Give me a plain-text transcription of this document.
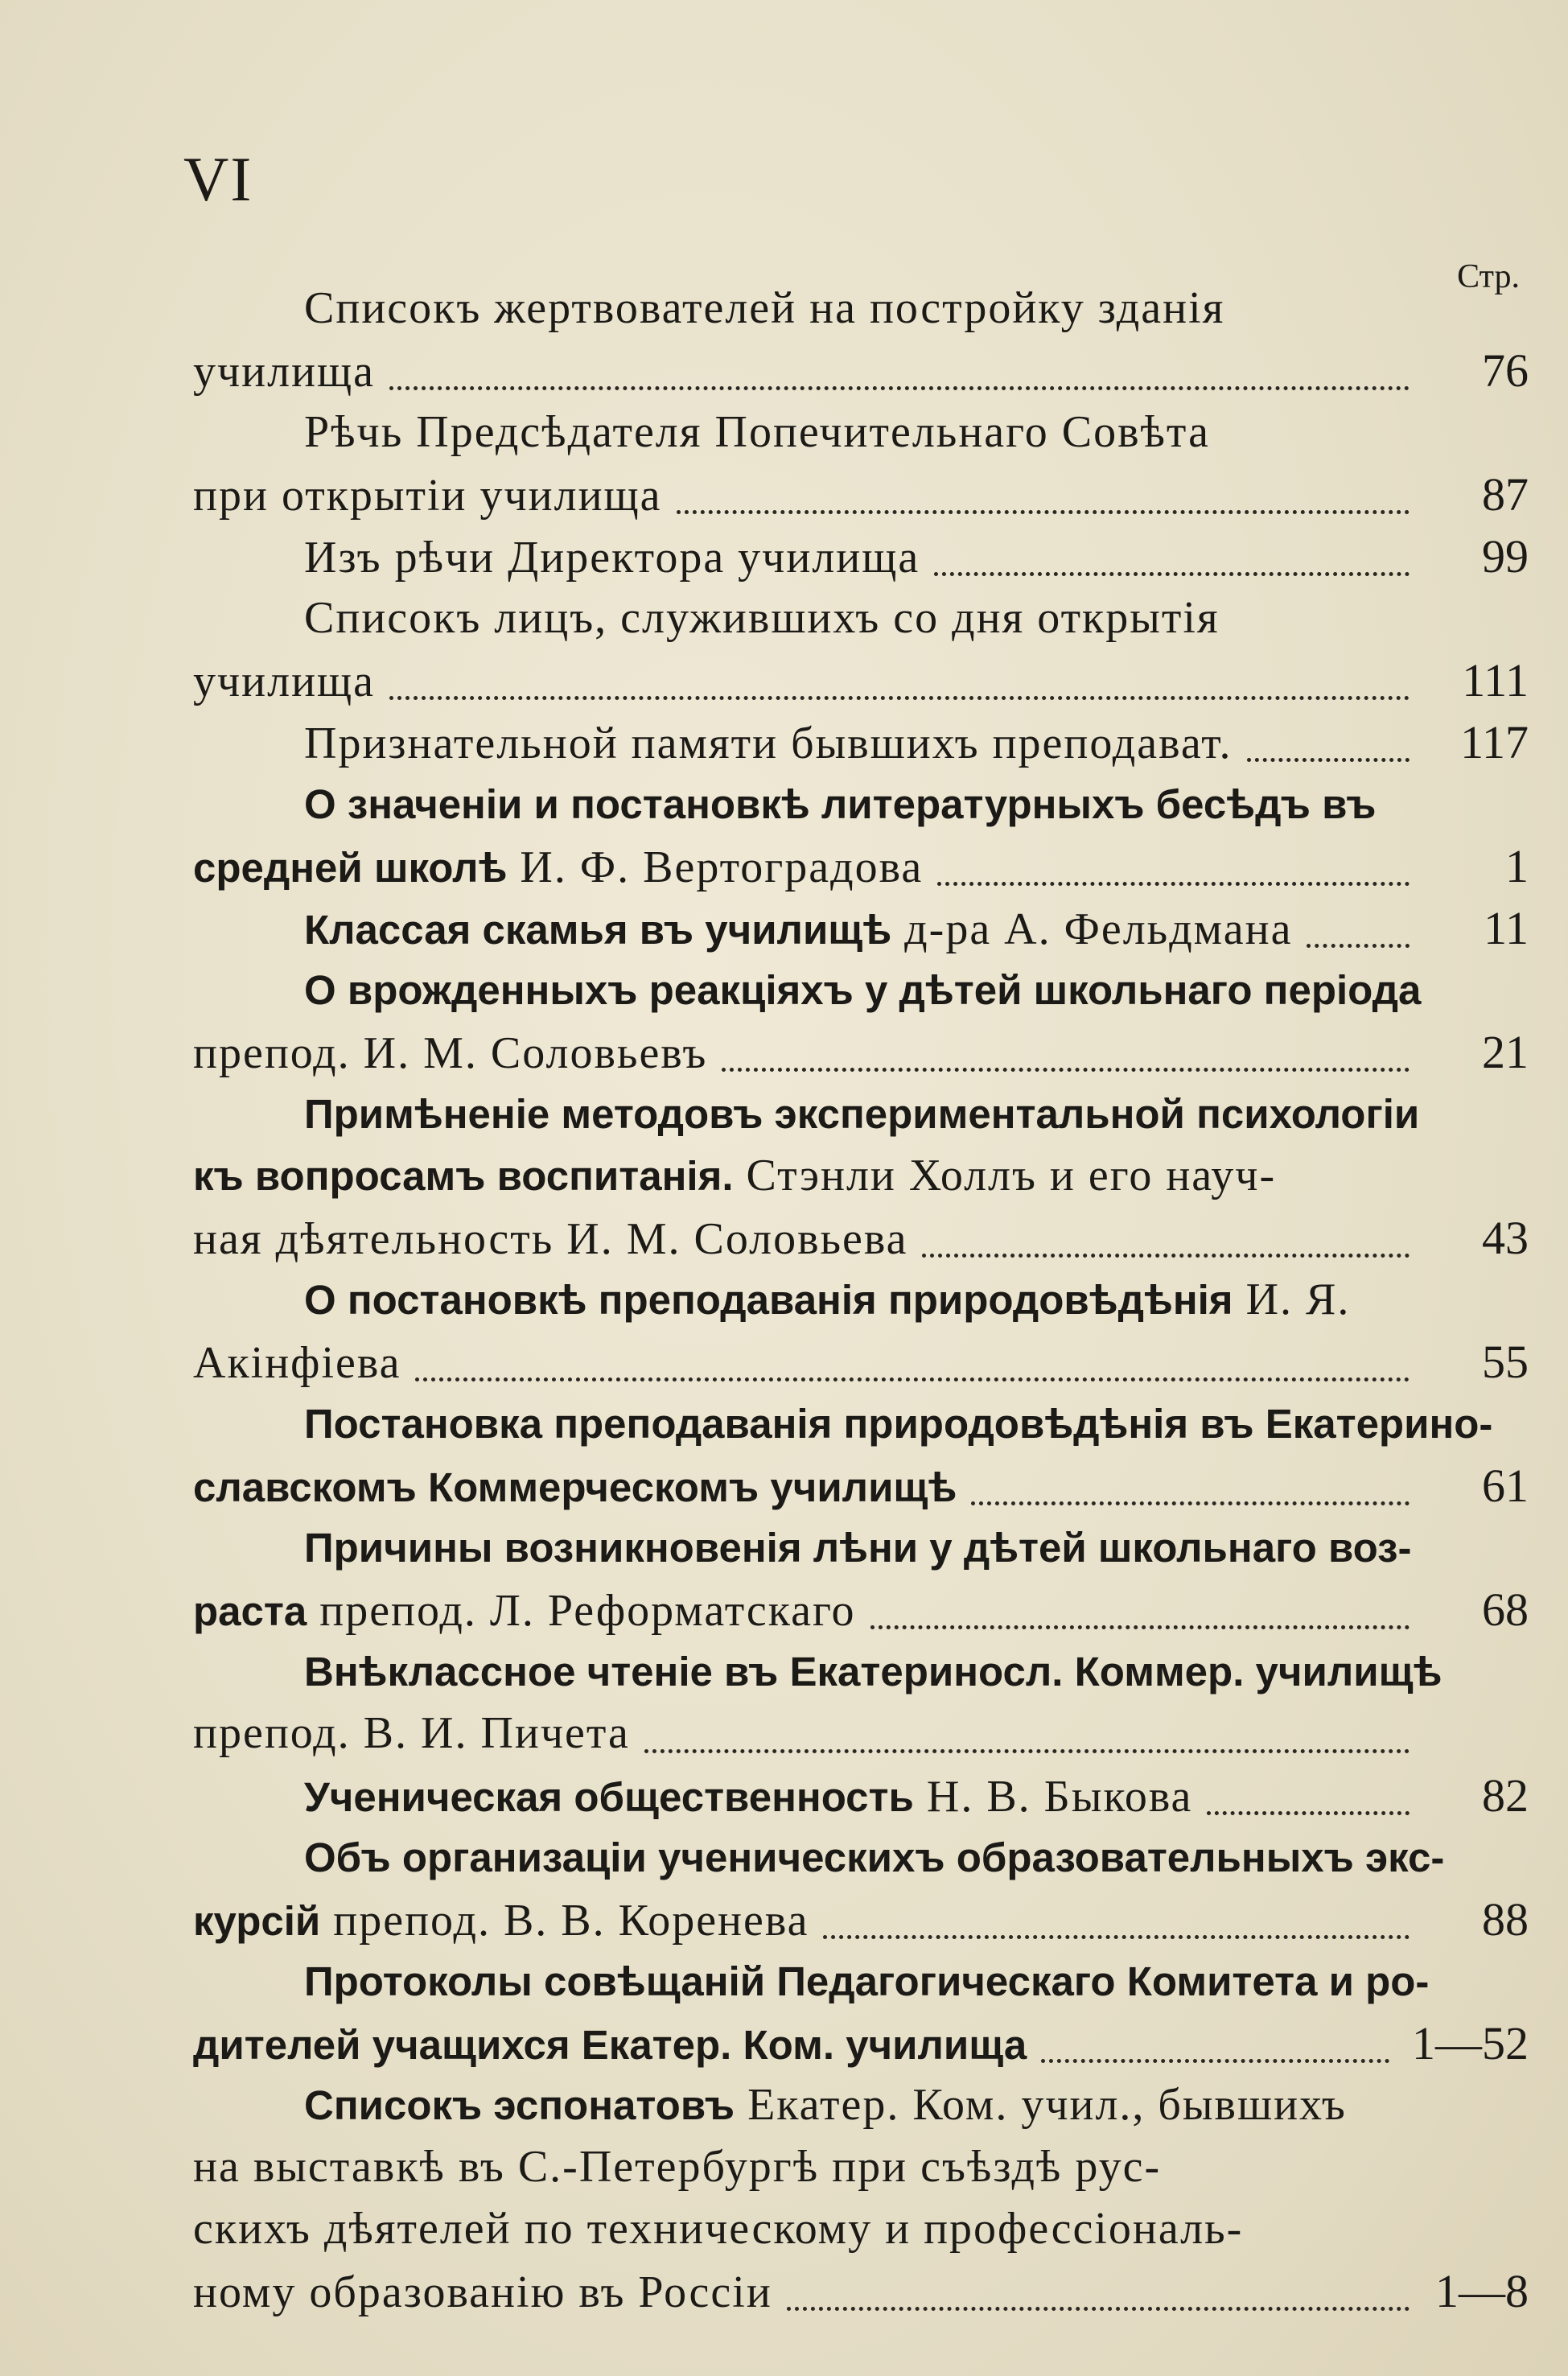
VI
Стр.
Списокъ жертвователей на постройку зданія
училища	76
Рѣчь Предсѣдателя Попечительнаго Совѣта
при открытіи училища	87
Изъ рѣчи Директора училища	99
Списокъ лицъ, служившихъ со дня открытія
училища	111
Признательной памяти бывшихъ преподават.	117
О значеніи и постановкѣ литературныхъ бесѣдъ въ
средней школѣ И. Ф. Вертоградова	1
Классая скамья въ училищѣ д-ра А. Фельдмана	11
О врожденныхъ реакціяхъ у дѣтей школьнаго періода
препод. И. М. Соловьевъ	21
Примѣненіе методовъ экспериментальной психологіи
къ вопросамъ воспитанія. Стэнли Холлъ и его науч-
ная дѣятельность И. М. Соловьева	43
О постановкѣ преподаванія природовѣдѣнія И. Я.
Акінфіева	55
Постановка преподаванія природовѣдѣнія въ Екатерино-
славскомъ Коммерческомъ училищѣ	61
Причины возникновенія лѣни у дѣтей школьнаго воз-
раста препод. Л. Реформатскаго	68
Внѣклассное чтеніе въ Екатериносл. Коммер. училищѣ
препод. В. И. Пичета
Ученическая общественность Н. В. Быкова	82
Объ организаціи ученическихъ образовательныхъ экс-
курсій препод. В. В. Коренева	88
Протоколы совѣщаній Педагогическаго Комитета и ро-
дителей учащихся Екатер. Ком. училища	1—52
Списокъ эспонатовъ Екатер. Ком. учил., бывшихъ
на выставкѣ въ С.-Петербургѣ при съѣздѣ рус-
скихъ дѣятелей по техническому и профессіональ-
ному образованію въ Россіи	1—8
